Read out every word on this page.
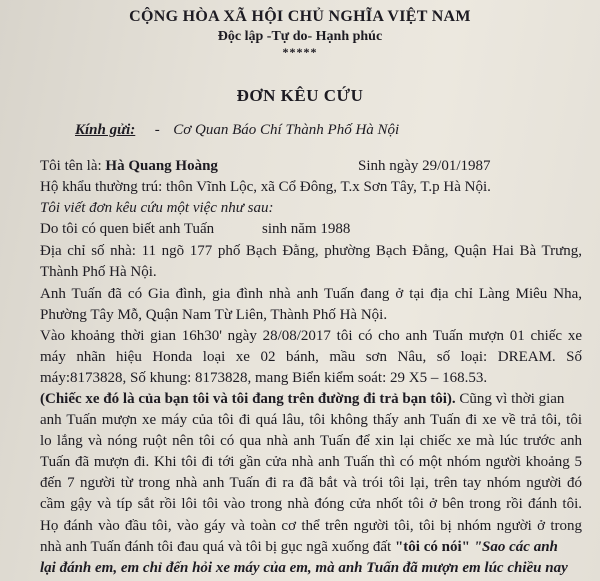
CỘNG HÒA XÃ HỘI CHỦ NGHĨA VIỆT NAM
Độc lập -Tự do- Hạnh phúc
*****
ĐƠN KÊU CỨU
Kính gửi: - Cơ Quan Báo Chí Thành Phố Hà Nội
Tôi tên là: Hà Quang Hoàng	Sinh ngày 29/01/1987
Hộ khẩu thường trú: thôn Vĩnh Lộc, xã Cổ Đông, T.x Sơn Tây, T.p Hà Nội.
Tôi viết đơn kêu cứu một việc như sau:
Do tôi có quen biết anh Tuấn	sinh năm 1988
Địa chỉ số nhà: 11 ngõ 177 phố Bạch Đằng, phường Bạch Đằng, Quận Hai Bà Trưng,
Thành Phố Hà Nội.
Anh Tuấn đã có Gia đình, gia đình nhà anh Tuấn đang ở tại địa chỉ Làng Miêu Nha,
Phường Tây Mỗ, Quận Nam Từ Liên, Thành Phố Hà Nội.
Vào khoảng thời gian 16h30' ngày 28/08/2017 tôi có cho anh Tuấn mượn 01 chiếc xe
máy nhãn hiệu Honda loại xe 02 bánh, mầu sơn Nâu, số loại: DREAM. Số
máy:8173828, Số khung: 8173828, mang Biển kiểm soát: 29 X5 – 168.53.
(Chiếc xe đó là của bạn tôi và tôi đang trên đường đi trả bạn tôi). Cũng vì thời gian
anh Tuấn mượn xe máy của tôi đi quá lâu, tôi không thấy anh Tuấn đi xe về trả tôi, tôi
lo lắng và nóng ruột nên tôi có qua nhà anh Tuấn để xin lại chiếc xe mà lúc trước anh
Tuấn đã mượn đi. Khi tôi đi tới gần cửa nhà anh Tuấn thì có một nhóm người khoảng 5
đến 7 người từ trong nhà anh Tuấn đi ra đã bắt và trói tôi lại, trên tay nhóm người đó
cầm gậy và típ sắt rồi lôi tôi vào trong nhà đóng cửa nhốt tôi ở bên trong rồi đánh tôi.
Họ đánh vào đầu tôi, vào gáy và toàn cơ thể trên người tôi, tôi bị nhóm người ở trong
nhà anh Tuấn đánh tôi đau quá và tôi bị gục ngã xuống đất "tôi có nói" "Sao các anh
lại đánh em, em chỉ đến hỏi xe máy của em, mà anh Tuấn đã mượn em lúc chiều nay
